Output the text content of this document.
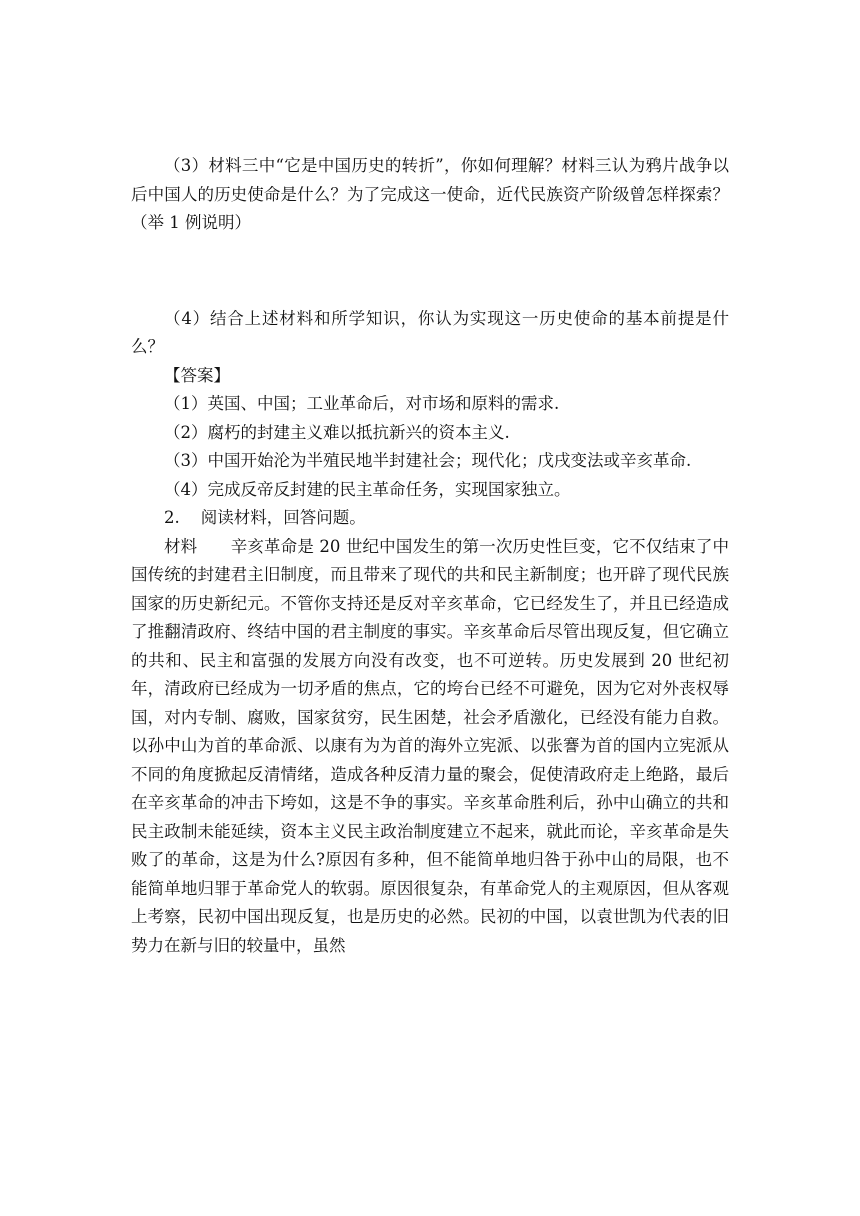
（3）材料三中“它是中国历史的转折”，你如何理解？材料三认为鸦片战争以后中国人的历史使命是什么？为了完成这一使命，近代民族资产阶级曾怎样探索？（举 1 例说明）

（4）结合上述材料和所学知识，你认为实现这一历史使命的基本前提是什么？

【答案】

（1）英国、中国；工业革命后，对市场和原料的需求.

（2）腐朽的封建主义难以抵抗新兴的资本主义.

（3）中国开始沦为半殖民地半封建社会；现代化；戊戌变法或辛亥革命.

（4）完成反帝反封建的民主革命任务，实现国家独立。

2.    阅读材料，回答问题。

材料　　 辛亥革命是 20 世纪中国发生的第一次历史性巨变，它不仅结束了中国传统的封建君主旧制度，而且带来了现代的共和民主新制度；也开辟了现代民族国家的历史新纪元。不管你支持还是反对辛亥革命，它已经发生了，并且已经造成了推翻清政府、终结中国的君主制度的事实。辛亥革命后尽管出现反复，但它确立的共和、民主和富强的发展方向没有改变，也不可逆转。历史发展到 20 世纪初年，清政府已经成为一切矛盾的焦点，它的垮台已经不可避免，因为它对外丧权辱国，对内专制、腐败，国家贫穷，民生困楚，社会矛盾激化，已经没有能力自救。以孙中山为首的革命派、以康有为为首的海外立宪派、以张謇为首的国内立宪派从不同的角度掀起反清情绪，造成各种反清力量的聚会，促使清政府走上绝路，最后在辛亥革命的冲击下垮如，这是不争的事实。辛亥革命胜利后，孙中山确立的共和民主政制未能延续，资本主义民主政治制度建立不起来，就此而论，辛亥革命是失败了的革命，这是为什么?原因有多种，但不能简单地归咎于孙中山的局限，也不能简单地归罪于革命党人的软弱。原因很复杂，有革命党人的主观原因，但从客观上考察，民初中国出现反复，也是历史的必然。民初的中国，以袁世凯为代表的旧势力在新与旧的较量中，虽然
